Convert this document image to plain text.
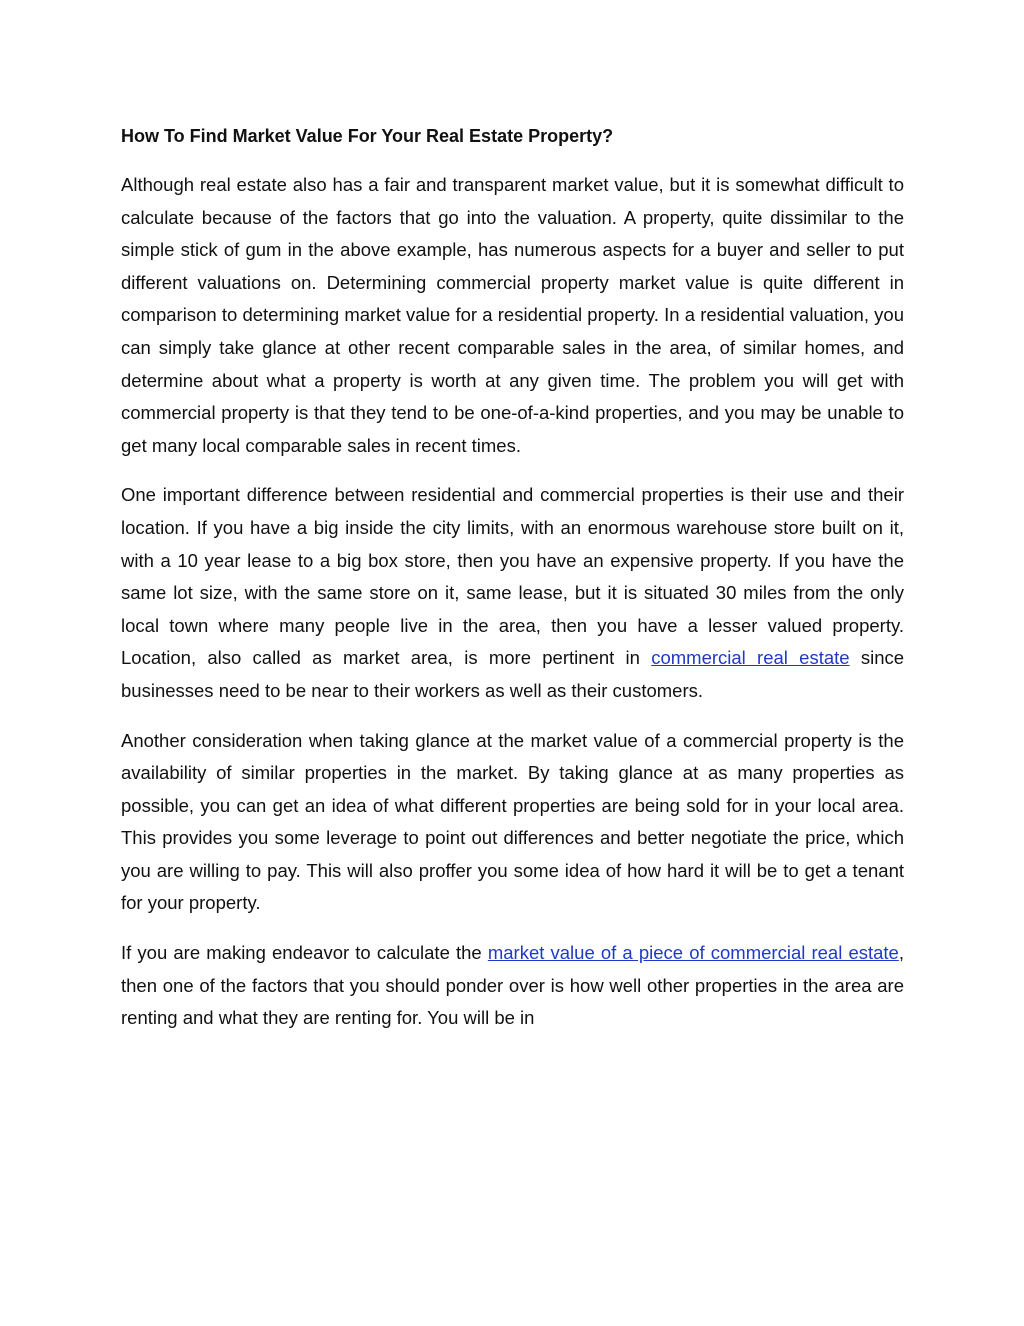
How To Find Market Value For Your Real Estate Property?

Although real estate also has a fair and transparent market value, but it is somewhat difficult to calculate because of the factors that go into the valuation. A property, quite dissimilar to the simple stick of gum in the above example, has numerous aspects for a buyer and seller to put different valuations on. Determining commercial property market value is quite different in comparison to determining market value for a residential property. In a residential valuation, you can simply take glance at other recent comparable sales in the area, of similar homes, and determine about what a property is worth at any given time. The problem you will get with commercial property is that they tend to be one-of-a-kind properties, and you may be unable to get many local comparable sales in recent times.

One important difference between residential and commercial properties is their use and their location. If you have a big inside the city limits, with an enormous warehouse store built on it, with a 10 year lease to a big box store, then you have an expensive property. If you have the same lot size, with the same store on it, same lease, but it is situated 30 miles from the only local town where many people live in the area, then you have a lesser valued property. Location, also called as market area, is more pertinent in commercial real estate since businesses need to be near to their workers as well as their customers.

Another consideration when taking glance at the market value of a commercial property is the availability of similar properties in the market. By taking glance at as many properties as possible, you can get an idea of what different properties are being sold for in your local area. This provides you some leverage to point out differences and better negotiate the price, which you are willing to pay. This will also proffer you some idea of how hard it will be to get a tenant for your property.

If you are making endeavor to calculate the market value of a piece of commercial real estate, then one of the factors that you should ponder over is how well other properties in the area are renting and what they are renting for. You will be in
